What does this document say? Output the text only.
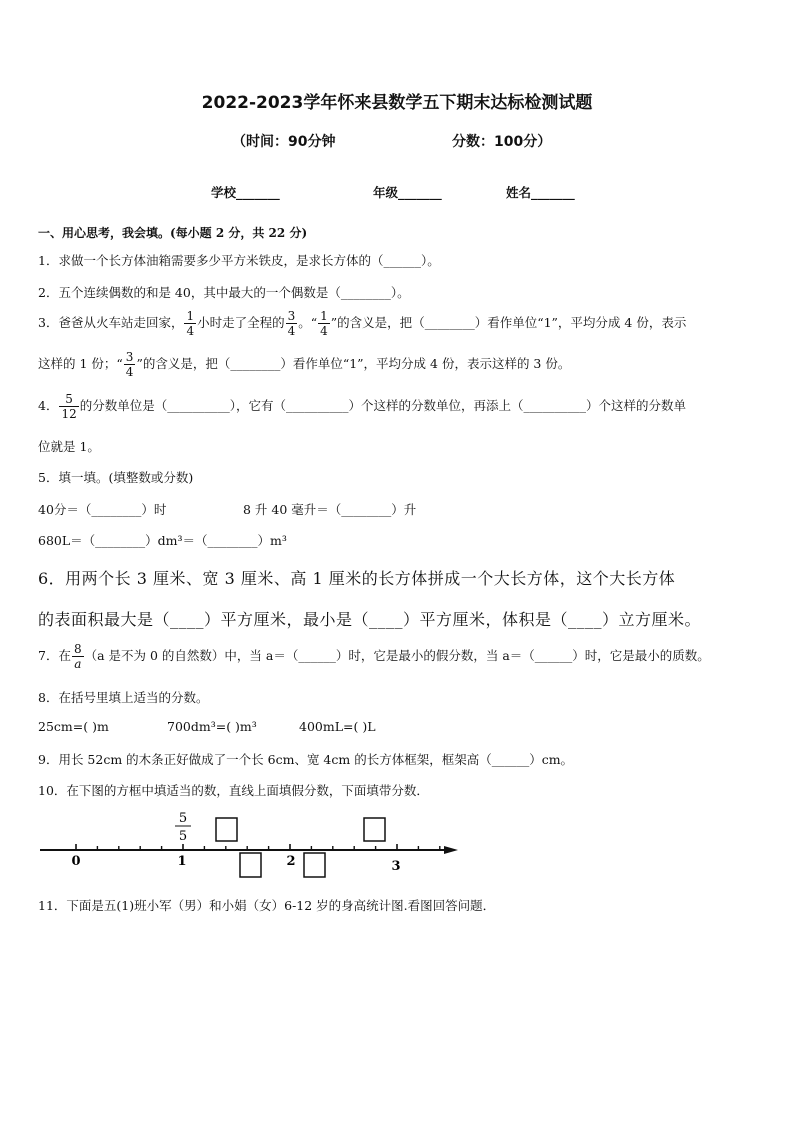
2022-2023学年怀来县数学五下期末达标检测试题
（时间：90分钟	分数：100分）
学校_______	年级_______	姓名_______
一、用心思考，我会填。(每小题 2 分，共 22 分)
1．求做一个长方体油箱需要多少平方米铁皮，是求长方体的（______）。
2．五个连续偶数的和是 40，其中最大的一个偶数是（________）。
3．爸爸从火车站走回家， $\frac{1}{4}$ 小时走了全程的 $\frac{3}{4}$ 。“ $\frac{1}{4}$ ”的含义是，把（________）看作单位“1”，平均分成 4 份，表示
这样的 1 份；“ $\frac{3}{4}$ ”的含义是，把（________）看作单位“1”，平均分成 4 份，表示这样的 3 份。
4． $\frac{5}{12}$ 的分数单位是（__________），它有（__________）个这样的分数单位，再添上（__________）个这样的分数单
位就是 1。
5．填一填。(填整数或分数)
40分＝（________）时	8 升 40 毫升＝（________）升
680L＝（________）dm³＝（________）m³
6．用两个长 3 厘米、宽 3 厘米、高 1 厘米的长方体拼成一个大长方体，这个大长方体
的表面积最大是（____）平方厘米，最小是（____）平方厘米，体积是（____）立方厘米。
7．在 $\frac{8}{a} (a$ 是不为 0 的自然数）中，当 a＝（______）时，它是最小的假分数，当 a＝（______）时，它是最小的质数。
8．在括号里填上适当的分数。
25cm=( )m	700dm³=( )m³	400mL=( )L
9．用长 52cm 的木条正好做成了一个长 6cm、宽 4cm 的长方体框架，框架高（______）cm。
10．在下图的方框中填适当的数，直线上面填假分数，下面填带分数．
0	1	2	3
5
5
11．下面是五(1)班小军（男）和小娟（女）6-12 岁的身高统计图.看图回答问题．
